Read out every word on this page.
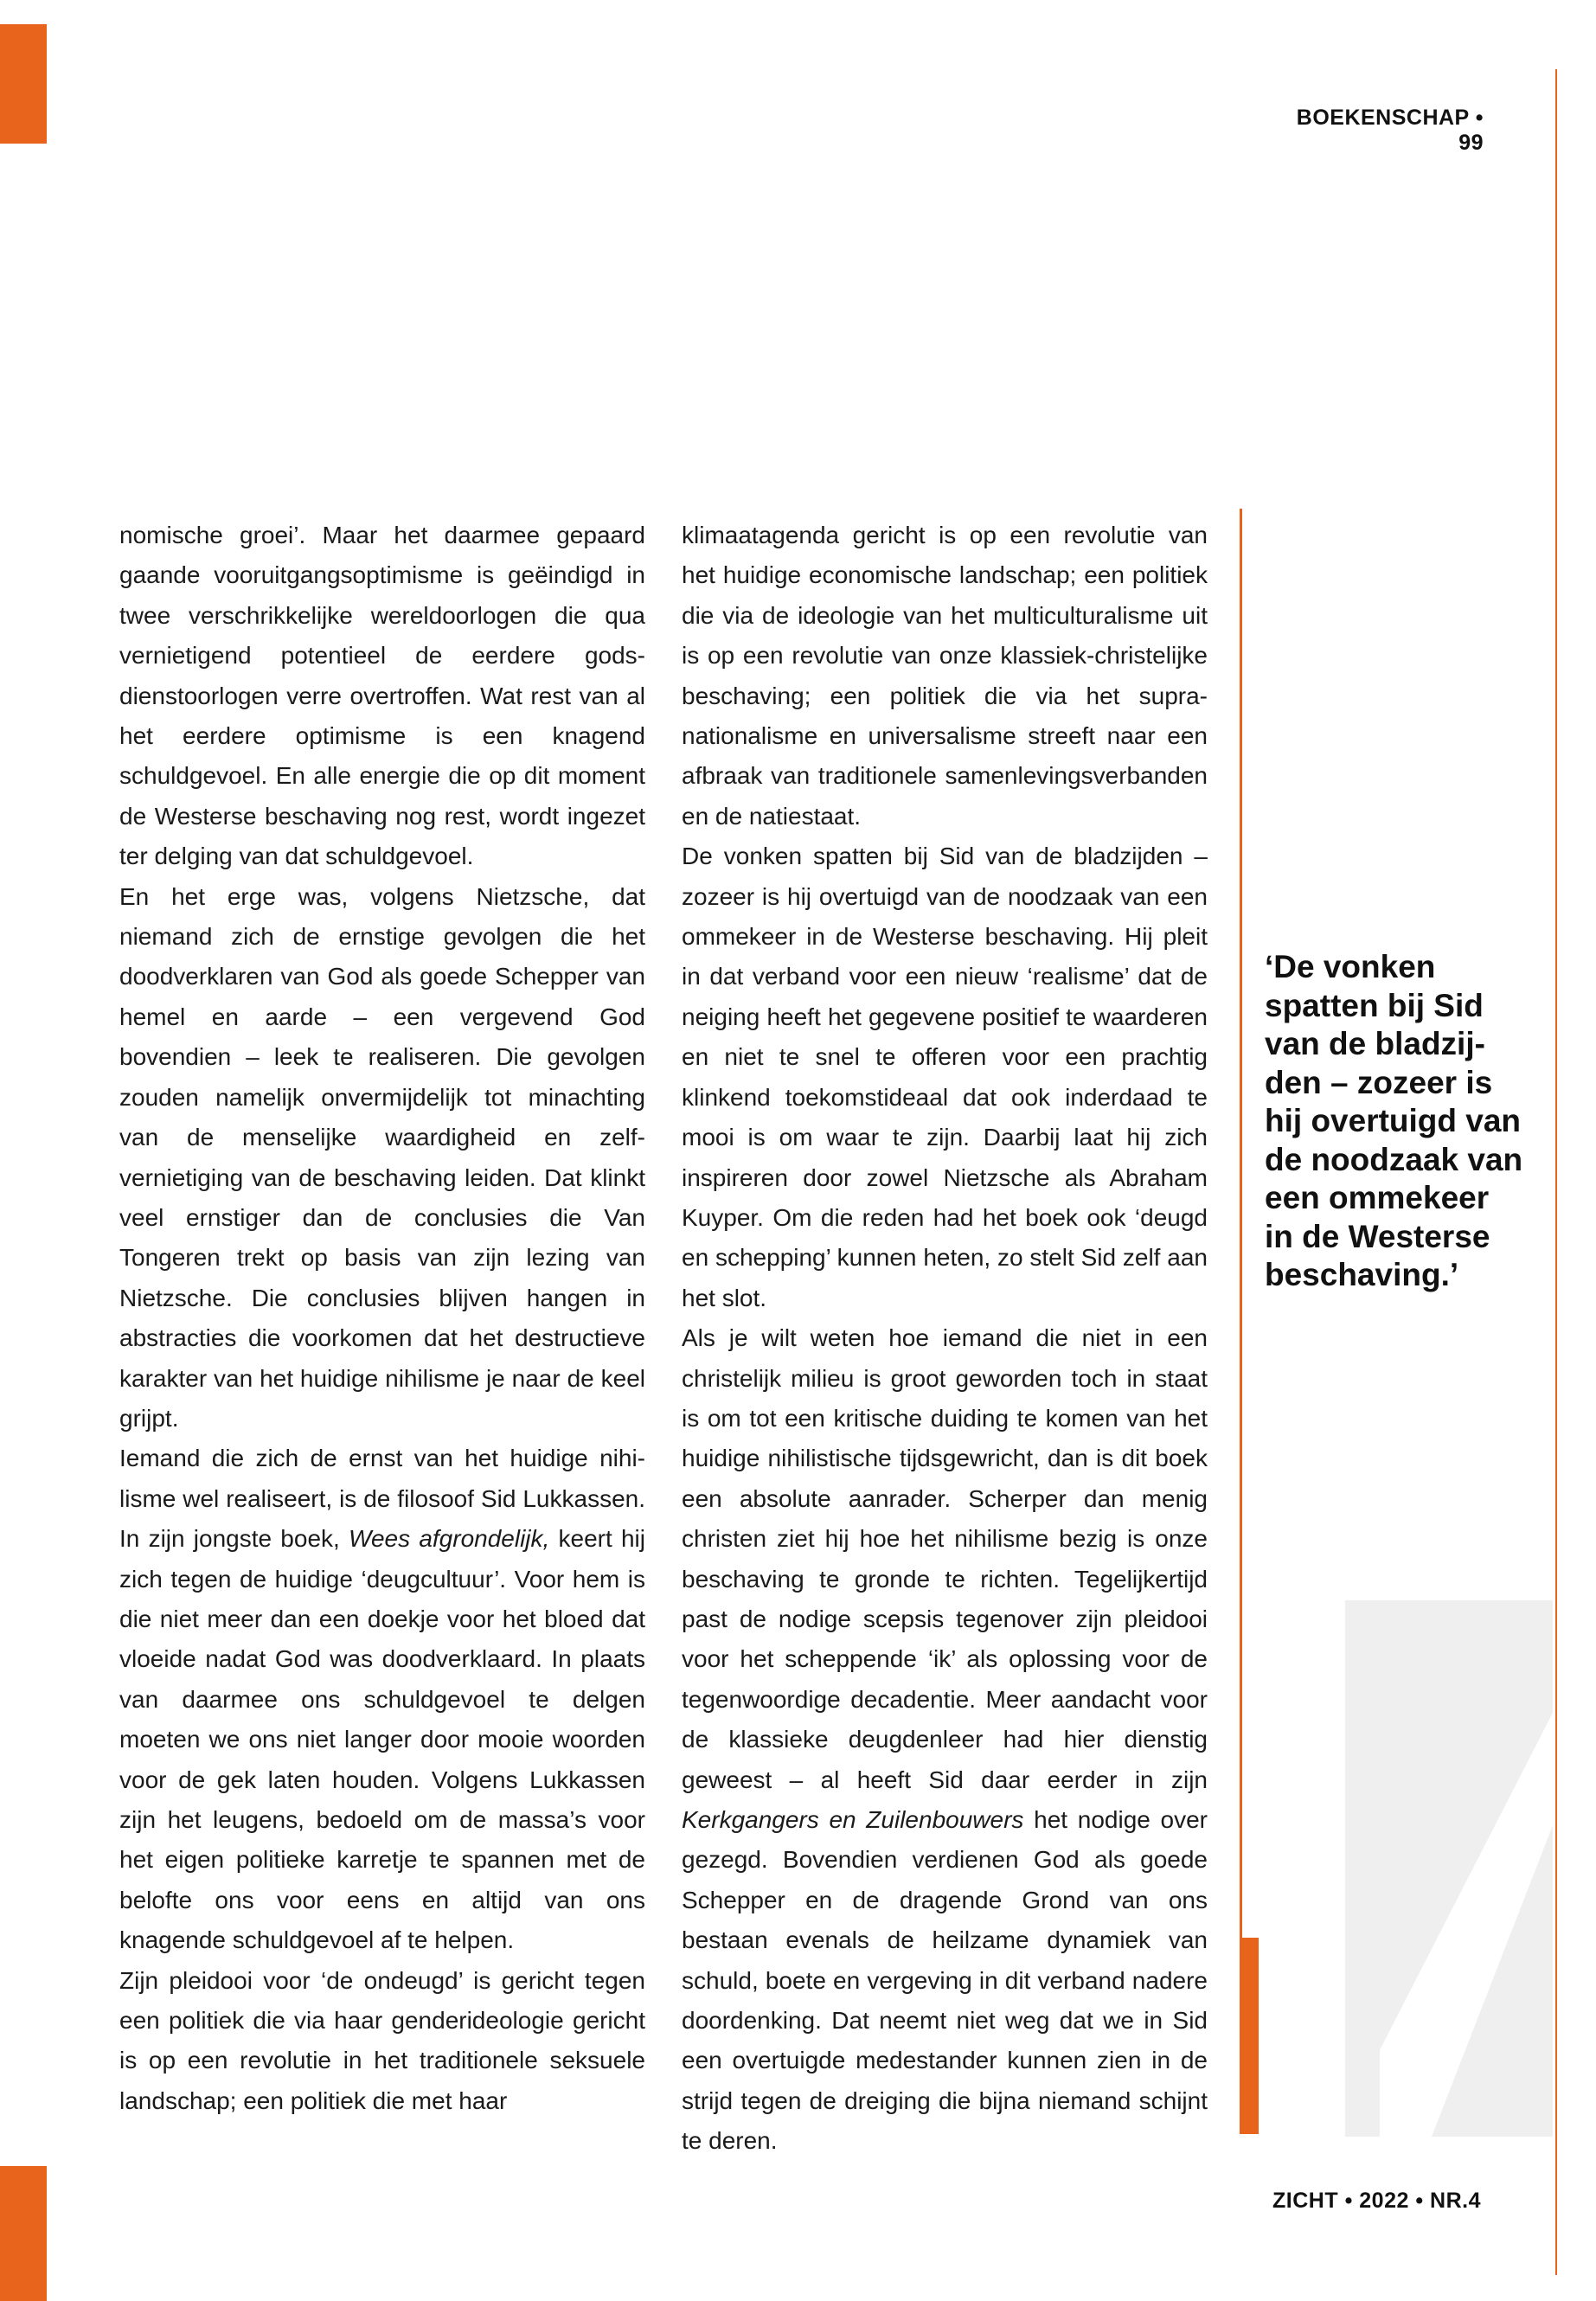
BOEKENSCHAP • 99

nomische groei’. Maar het daarmee gepaard gaande vooruitgangsoptimisme is geëindigd in twee verschrikkelijke wereldoorlogen die qua vernietigend potentieel de eerdere godsdienstoorlogen verre overtroffen. Wat rest van al het eerdere optimisme is een knagend schuldgevoel. En alle energie die op dit moment de Westerse beschaving nog rest, wordt ingezet ter delging van dat schuldgevoel.

En het erge was, volgens Nietzsche, dat niemand zich de ernstige gevolgen die het doodverklaren van God als goede Schepper van hemel en aarde – een vergevend God bovendien – leek te realiseren. Die gevolgen zouden namelijk onvermijdelijk tot minachting van de menselijke waardigheid en zelfvernietiging van de beschaving leiden. Dat klinkt veel ernstiger dan de conclusies die Van Tongeren trekt op basis van zijn lezing van Nietzsche. Die conclusies blijven hangen in abstracties die voorkomen dat het destructieve karakter van het huidige nihilisme je naar de keel grijpt.

Iemand die zich de ernst van het huidige nihilisme wel realiseert, is de filosoof Sid Lukkassen. In zijn jongste boek, Wees afgrondelijk, keert hij zich tegen de huidige ‘deugcultuur’. Voor hem is die niet meer dan een doekje voor het bloed dat vloeide nadat God was doodverklaard. In plaats van daarmee ons schuldgevoel te delgen moeten we ons niet langer door mooie woorden voor de gek laten houden. Volgens Lukkassen zijn het leugens, bedoeld om de massa’s voor het eigen politieke karretje te spannen met de belofte ons voor eens en altijd van ons knagende schuldgevoel af te helpen.

Zijn pleidooi voor ‘de ondeugd’ is gericht tegen een politiek die via haar genderideologie gericht is op een revolutie in het traditionele seksuele landschap; een politiek die met haar

klimaatagenda gericht is op een revolutie van het huidige economische landschap; een politiek die via de ideologie van het multiculturalisme uit is op een revolutie van onze klassiek-christelijke beschaving; een politiek die via het supra-nationalisme en universalisme streeft naar een afbraak van traditionele samenlevingsverbanden en de natiestaat.

De vonken spatten bij Sid van de bladzijden – zozeer is hij overtuigd van de noodzaak van een ommekeer in de Westerse beschaving. Hij pleit in dat verband voor een nieuw ‘realisme’ dat de neiging heeft het gegevene positief te waarderen en niet te snel te offeren voor een prachtig klinkend toekomstideaal dat ook inderdaad te mooi is om waar te zijn. Daarbij laat hij zich inspireren door zowel Nietzsche als Abraham Kuyper. Om die reden had het boek ook ‘deugd en schepping’ kunnen heten, zo stelt Sid zelf aan het slot.

Als je wilt weten hoe iemand die niet in een christelijk milieu is groot geworden toch in staat is om tot een kritische duiding te komen van het huidige nihilistische tijdsgewricht, dan is dit boek een absolute aanrader. Scherper dan menig christen ziet hij hoe het nihilisme bezig is onze beschaving te gronde te richten. Tegelijkertijd past de nodige scepsis tegenover zijn pleidooi voor het scheppende ‘ik’ als oplossing voor de tegenwoordige decadentie. Meer aandacht voor de klassieke deugdenleer had hier dienstig geweest – al heeft Sid daar eerder in zijn Kerkgangers en Zuilenbouwers het nodige over gezegd. Bovendien verdienen God als goede Schepper en de dragende Grond van ons bestaan evenals de heilzame dynamiek van schuld, boete en vergeving in dit verband nadere doordenking. Dat neemt niet weg dat we in Sid een overtuigde medestander kunnen zien in de strijd tegen de dreiging die bijna niemand schijnt te deren.

‘De vonken spatten bij Sid van de bladzijden – zozeer is hij overtuigd van de noodzaak van een ommekeer in de Westerse beschaving.’
ZICHT • 2022 • NR.4
